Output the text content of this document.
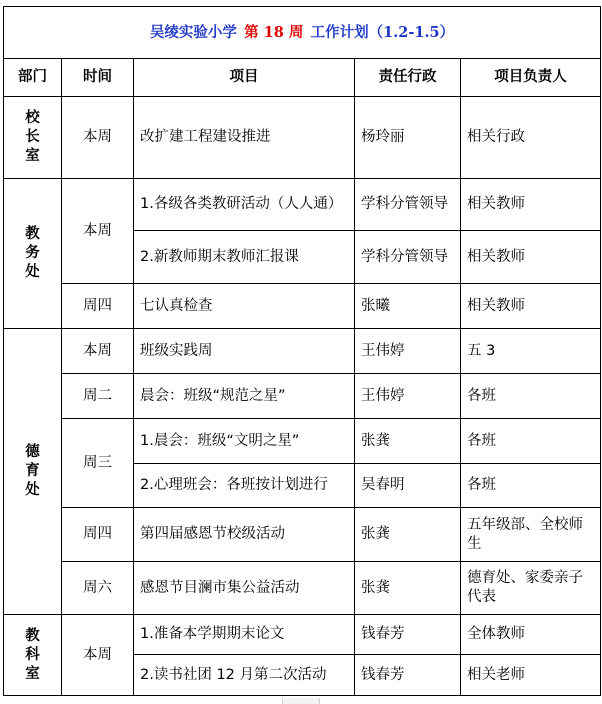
吴绫实验小学  第 18 周  工作计划（1.2-1.5）				
部门	时间	项目	责任行政	项目负责人
校长室	本周	改扩建工程建设推进	杨玲丽	相关行政
教务处	本周	1.各级各类教研活动（人人通）	学科分管领导	相关教师
		2.新教师期末教师汇报课	学科分管领导	相关教师
	周四	七认真检查	张曦	相关教师
德育处	本周	班级实践周	王伟婷	五 3
	周二	晨会：班级“规范之星”	王伟婷	各班
	周三	1.晨会：班级“文明之星”	张龚	各班
		2.心理班会：各班按计划进行	吴春明	各班
	周四	第四届感恩节校级活动	张龚	五年级部、全校师生
	周六	感恩节目澜市集公益活动	张龚	德育处、家委亲子代表
教科室	本周	1.准备本学期期末论文	钱春芳	全体教师
		2.读书社团 12 月第二次活动	钱春芳	相关老师
